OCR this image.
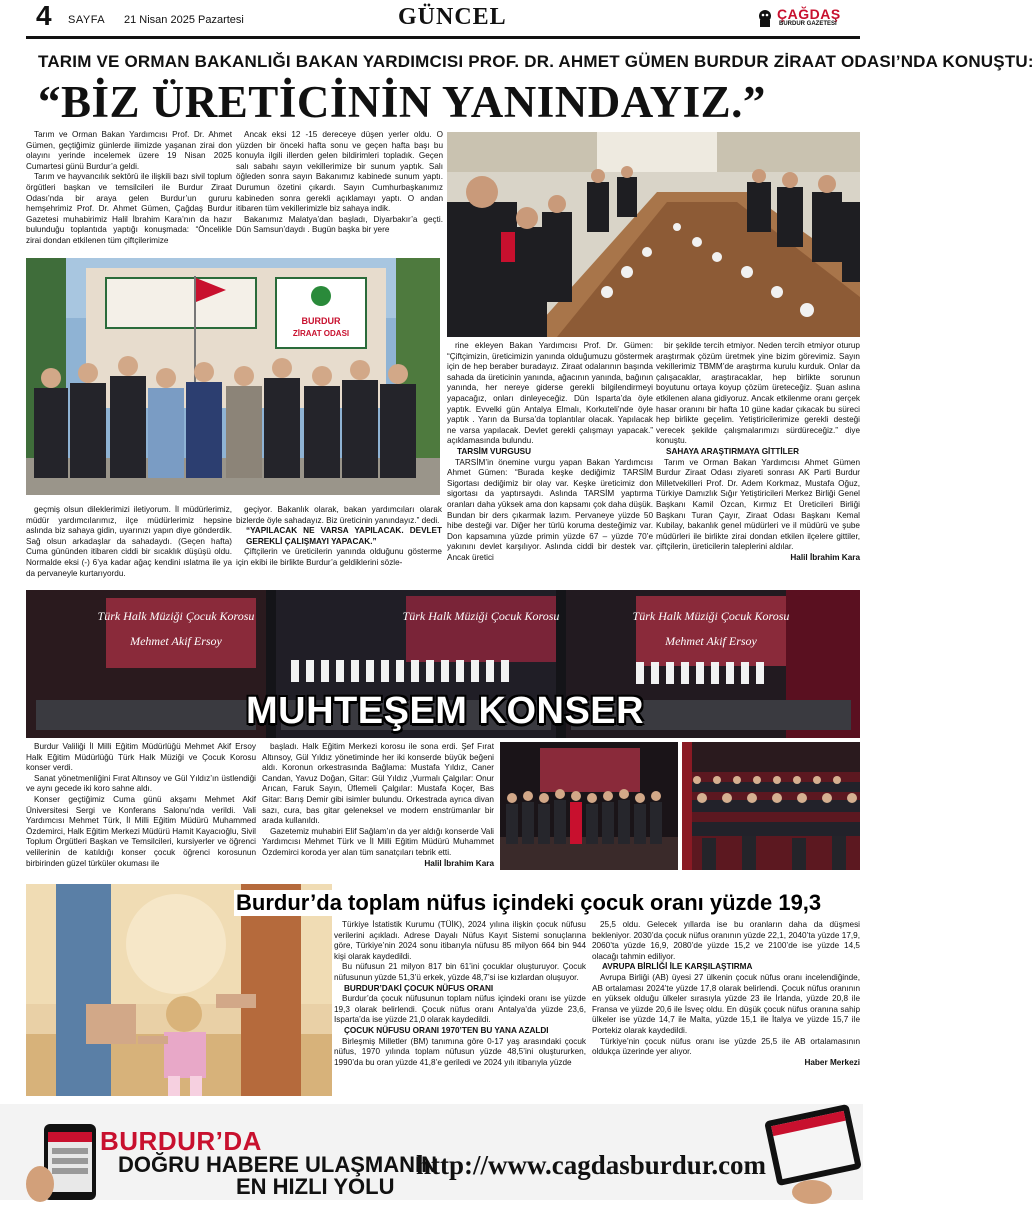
4 SAYFA 21 Nisan 2025 Pazartesi	GÜNCEL	ÇAĞDAŞ
BURDUR GAZETESİ
TARIM VE ORMAN BAKANLIĞI BAKAN YARDIMCISI PROF. DR. AHMET GÜMEN BURDUR ZİRAAT ODASI’NDA KONUŞTU:
“BİZ ÜRETİCİNİN YANINDAYIZ.”

Tarım ve Orman Bakan Yardımcısı Prof. Dr. Ahmet Gümen, geçtiğimiz günlerde ilimizde yaşanan zirai don olayını yerinde incelemek üzere 19 Nisan 2025 Cumartesi günü Burdur’a geldi.

Tarım ve hayvancılık sektörü ile ilişkili bazı sivil toplum örgütleri başkan ve temsilcileri ile Burdur Ziraat Odası’nda bir araya gelen Burdur’un gururu hemşehrimiz Prof. Dr. Ahmet Gümen, Çağdaş Burdur Gazetesi muhabirimiz Halil İbrahim Kara’nın da hazır bulunduğu toplantıda yaptığı konuşmada: “Öncelikle zirai dondan etkilenen tüm çiftçilerimize

Ancak eksi 12 -15 dereceye düşen yerler oldu. O yüzden bir önceki hafta sonu ve geçen hafta başı bu konuyla ilgili illerden gelen bildirimleri topladık. Geçen salı sabahı sayın vekillerimize bir sunum yaptık. Salı öğleden sonra sayın Bakanımız kabinede sunum yaptı. Durumun özetini çıkardı. Sayın Cumhurbaşkanımız kabineden sonra gerekli açıklamayı yaptı. O andan itibaren tüm vekillerimizle biz sahaya indik.

Bakanımız Malatya’dan başladı, Diyarbakır’a geçti. Dün Samsun’daydı . Bugün başka bir yere

BURDUR
ZİRAAT ODASI

geçmiş olsun dileklerimizi iletiyorum. İl müdürlerimiz, müdür yardımcılarımız, ilçe müdürlerimiz hepsine aslında biz sahaya gidin, uyarınızı yapın diye gönderdik. Sağ olsun arkadaşlar da sahadaydı. (Geçen hafta) Cuma gününden itibaren ciddi bir sıcaklık düşüşü oldu. Normalde eksi (-) 6’ya kadar ağaç kendini ıslatma ile ya da pervaneyle kurtarıyordu.

geçiyor. Bakanlık olarak, bakan yardımcıları olarak bizlerde öyle sahadayız. Biz üreticinin yanındayız.” dedi.

“YAPILACAK NE VARSA YAPILACAK. DEVLET GEREKLİ ÇALIŞMAYI YAPACAK.”

Çiftçilerin ve üreticilerin yanında olduğunu gösterme için ekibi ile birlikte Burdur’a geldiklerini sözle-

rine ekleyen Bakan Yardımcısı Prof. Dr. Gümen: “Çiftçimizin, üreticimizin yanında olduğumuzu göstermek için de hep beraber buradayız. Ziraat odalarının başında sahada da üreticinin yanında, ağacının yanında, bağının yanında, her nereye giderse gerekli bilgilendirmeyi yapacağız, onları dinleyeceğiz. Dün Isparta’da öyle yaptık. Evvelki gün Antalya Elmalı, Korkuteli’nde öyle yaptık . Yarın da Bursa’da toplantılar olacak. Yapılacak ne varsa yapılacak. Devlet gerekli çalışmayı yapacak.” açıklamasında bulundu.

TARSİM VURGUSU

TARSİM’in önemine vurgu yapan Bakan Yardımcısı Ahmet Gümen: “Burada keşke dediğimiz TARSİM Sigortası dediğimiz bir olay var. Keşke üreticimiz don sigortası da yaptırsaydı. Aslında TARSİM yaptırma oranları daha yüksek ama don kapsamı çok daha düşük. Bundan bir ders çıkarmak lazım. Pervaneye yüzde 50 hibe desteği var. Diğer her türlü koruma desteğimiz var. Don kapsamına yüzde primin yüzde 67 – yüzde 70’e yakınını devlet karşılıyor. Aslında ciddi bir destek var. Ancak üretici

bir şekilde tercih etmiyor. Neden tercih etmiyor oturup araştırmak çözüm üretmek yine bizim görevimiz. Sayın vekillerimiz TBMM’de araştırma kurulu kurduk. Onlar da çalışacaklar, araştıracaklar, hep birlikte sorunun boyutunu ortaya koyup çözüm üreteceğiz. Şuan aslına etkilenen alana gidiyoruz. Ancak etkilenme oranı gerçek hasar oranını bir hafta 10 güne kadar çıkacak bu süreci hep birlikte geçelim. Yetiştiricilerimize gerekli desteği verecek şekilde çalışmalarımızı sürdüreceğiz.” diye konuştu.

SAHAYA ARAŞTIRMAYA GİTTİLER

Tarım ve Orman Bakan Yardımcısı Ahmet Gümen Burdur Ziraat Odası ziyareti sonrası AK Parti Burdur Milletvekilleri Prof. Dr. Adem Korkmaz, Mustafa Oğuz, Türkiye Damızlık Sığır Yetiştiricileri Merkez Birliği Genel Başkanı Kamil Özcan, Kırmız Et Üreticileri Birliği Başkanı Turan Çayır, Ziraat Odası Başkanı Kemal Kubilay, bakanlık genel müdürleri ve il müdürü ve şube müdürleri ile birlikte zirai dondan etkilen ilçelere gittiler, çiftçilerin, üreticilerin taleplerini aldılar.

Halil İbrahim Kara

Türk Halk Müziği Çocuk Korosu	Türk Halk Müziği Çocuk Korosu	Türk Halk Müziği Çocuk Korosu
Mehmet Akif Ersoy	Mehmet Akif Ersoy
MUHTEŞEM KONSER

Burdur Valiliği İl Milli Eğitim Müdürlüğü Mehmet Akif Ersoy Halk Eğitim Müdürlüğü Türk Halk Müziği ve Çocuk Korosu konser verdi.

Sanat yönetmenliğini Fırat Altınsoy ve Gül Yıldız’ın üstlendiği ve aynı gecede iki koro sahne aldı.

Konser geçtiğimiz Cuma günü akşamı Mehmet Akif Üniversitesi Sergi ve Konferans Salonu’nda verildi. Vali Yardımcısı Mehmet Türk, İl Milli Eğitim Müdürü Muhammed Özdemirci, Halk Eğitim Merkezi Müdürü Hamit Kayacıoğlu, Sivil Toplum Örgütleri Başkan ve Temsilcileri, kursiyerler ve öğrenci velilerinin de katıldığı konser çocuk öğrenci korosunun birbirinden güzel türküler okuması ile

başladı. Halk Eğitim Merkezi korosu ile sona erdi. Şef Fırat Altınsoy, Gül Yıldız yönetiminde her iki konserde büyük beğeni aldı. Koronun orkestrasında Bağlama: Mustafa Yıldız, Caner Candan, Yavuz Doğan, Gitar: Gül Yıldız ,Vurmalı Çalgılar: Onur Arıcan, Faruk Sayın, Üflemeli Çalgılar: Mustafa Koçer, Bas Gitar: Barış Demir gibi isimler bulundu. Orkestrada ayrıca divan sazı, cura, bas gitar geleneksel ve modern enstrümanlar bir arada kullanıldı.

Gazetemiz muhabiri Elif Sağlam’ın da yer aldığı konserde Vali Yardımcısı Mehmet Türk ve İl Milli Eğitim Müdürü Muhammet Özdemirci koroda yer alan tüm sanatçıları tebrik etti.

Halil İbrahim Kara

Burdur’da toplam nüfus içindeki çocuk oranı yüzde 19,3

Türkiye İstatistik Kurumu (TÜİK), 2024 yılına ilişkin çocuk nüfusu verilerini açıkladı. Adrese Dayalı Nüfus Kayıt Sistemi sonuçlarına göre, Türkiye’nin 2024 sonu itibarıyla nüfusu 85 milyon 664 bin 944 kişi olarak kaydedildi.

Bu nüfusun 21 milyon 817 bin 61’ini çocuklar oluşturuyor. Çocuk nüfusunun yüzde 51,3’ü erkek, yüzde 48,7’si ise kızlardan oluşuyor.

BURDUR’DAKİ ÇOCUK NÜFUS ORANI

Burdur’da çocuk nüfusunun toplam nüfus içindeki oranı ise yüzde 19,3 olarak belirlendi. Çocuk nüfus oranı Antalya’da yüzde 23,6, Isparta’da ise yüzde 21,0 olarak kaydedildi.

ÇOCUK NÜFUSU ORANI 1970’TEN BU YANA AZALDI

Birleşmiş Milletler (BM) tanımına göre 0-17 yaş arasındaki çocuk nüfus, 1970 yılında toplam nüfusun yüzde 48,5’ini oluştururken, 1990’da bu oran yüzde 41,8’e geriledi ve 2024 yılı itibarıyla yüzde

25,5 oldu. Gelecek yıllarda ise bu oranların daha da düşmesi bekleniyor. 2030’da çocuk nüfus oranının yüzde 22,1, 2040’ta yüzde 17,9, 2060’ta yüzde 16,9, 2080’de yüzde 15,2 ve 2100’de ise yüzde 14,5 olacağı tahmin ediliyor.

AVRUPA BİRLİĞİ İLE KARŞILAŞTIRMA

Avrupa Birliği (AB) üyesi 27 ülkenin çocuk nüfus oranı incelendiğinde, AB ortalaması 2024’te yüzde 17,8 olarak belirlendi. Çocuk nüfus oranının en yüksek olduğu ülkeler sırasıyla yüzde 23 ile İrlanda, yüzde 20,8 ile Fransa ve yüzde 20,6 ile İsveç oldu. En düşük çocuk nüfus oranına sahip ülkeler ise yüzde 14,7 ile Malta, yüzde 15,1 ile İtalya ve yüzde 15,7 ile Portekiz olarak kaydedildi.

Türkiye’nin çocuk nüfus oranı ise yüzde 25,5 ile AB ortalamasının oldukça üzerinde yer alıyor.

Haber Merkezi

BURDUR’DA
DOĞRU HABERE ULAŞMANIN
EN HIZLI YOLU
http://www.cagdasburdur.com
